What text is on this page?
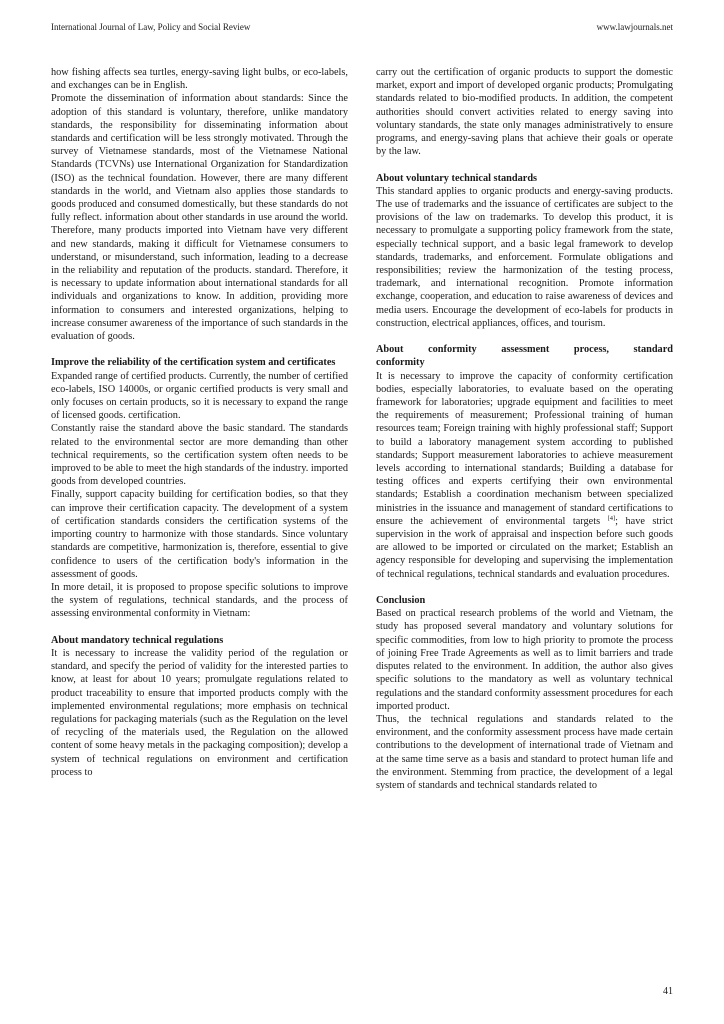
International Journal of Law, Policy and Social Review	www.lawjournals.net

how fishing affects sea turtles, energy-saving light bulbs, or eco-labels, and exchanges can be in English.

Promote the dissemination of information about standards: Since the adoption of this standard is voluntary, therefore, unlike mandatory standards, the responsibility for disseminating information about standards and certification will be less strongly motivated. Through the survey of Vietnamese standards, most of the Vietnamese National Standards (TCVNs) use International Organization for Standardization (ISO) as the technical foundation. However, there are many different standards in the world, and Vietnam also applies those standards to goods produced and consumed domestically, but these standards do not fully reflect. information about other standards in use around the world. Therefore, many products imported into Vietnam have very different and new standards, making it difficult for Vietnamese consumers to understand, or misunderstand, such information, leading to a decrease in the reliability and reputation of the products. standard. Therefore, it is necessary to update information about international standards for all individuals and organizations to know. In addition, providing more information to consumers and interested organizations, helping to increase consumer awareness of the importance of such standards in the evaluation of goods.

Improve the reliability of the certification system and certificates

Expanded range of certified products. Currently, the number of certified eco-labels, ISO 14000s, or organic certified products is very small and only focuses on certain products, so it is necessary to expand the range of licensed goods. certification.

Constantly raise the standard above the basic standard. The standards related to the environmental sector are more demanding than other technical requirements, so the certification system often needs to be improved to be able to meet the high standards of the industry. imported goods from developed countries.

Finally, support capacity building for certification bodies, so that they can improve their certification capacity. The development of a system of certification standards considers the certification systems of the importing country to harmonize with those standards. Since voluntary standards are competitive, harmonization is, therefore, essential to give confidence to users of the certification body's information in the assessment of goods.

In more detail, it is proposed to propose specific solutions to improve the system of regulations, technical standards, and the process of assessing environmental conformity in Vietnam:

About mandatory technical regulations

It is necessary to increase the validity period of the regulation or standard, and specify the period of validity for the interested parties to know, at least for about 10 years; promulgate regulations related to product traceability to ensure that imported products comply with the implemented environmental regulations; more emphasis on technical regulations for packaging materials (such as the Regulation on the level of recycling of the materials used, the Regulation on the allowed content of some heavy metals in the packaging composition); develop a system of technical regulations on environment and certification process to

carry out the certification of organic products to support the domestic market, export and import of developed organic products; Promulgating standards related to bio-modified products. In addition, the competent authorities should convert activities related to energy saving into voluntary standards, the state only manages administratively to ensure programs, and energy-saving plans that achieve their goals or operate by the law.

About voluntary technical standards

This standard applies to organic products and energy-saving products. The use of trademarks and the issuance of certificates are subject to the provisions of the law on trademarks. To develop this product, it is necessary to promulgate a supporting policy framework from the state, especially technical support, and a basic legal framework to develop standards, trademarks, and enforcement. Formulate obligations and responsibilities; review the harmonization of the testing process, trademark, and international recognition. Promote information exchange, cooperation, and education to raise awareness of devices and media users. Encourage the development of eco-labels for products in construction, electrical appliances, offices, and tourism.

About conformity assessment process, standard
conformity

It is necessary to improve the capacity of conformity certification bodies, especially laboratories, to evaluate based on the operating framework for laboratories; upgrade equipment and facilities to meet the requirements of measurement; Professional training of human resources team; Foreign training with highly professional staff; Support to build a laboratory management system according to published standards; Support measurement laboratories to achieve measurement levels according to international standards; Building a database for testing offices and experts certifying their own environmental standards; Establish a coordination mechanism between specialized ministries in the issuance and management of standard certifications to ensure the achievement of environmental targets [4]; have strict supervision in the work of appraisal and inspection before such goods are allowed to be imported or circulated on the market; Establish an agency responsible for developing and supervising the implementation of technical regulations, technical standards and evaluation procedures.

Conclusion

Based on practical research problems of the world and Vietnam, the study has proposed several mandatory and voluntary solutions for specific commodities, from low to high priority to promote the process of joining Free Trade Agreements as well as to limit barriers and trade disputes related to the environment. In addition, the author also gives specific solutions to the mandatory as well as voluntary technical regulations and the standard conformity assessment procedures for each imported product.

Thus, the technical regulations and standards related to the environment, and the conformity assessment process have made certain contributions to the development of international trade of Vietnam and at the same time serve as a basis and standard to protect human life and the environment. Stemming from practice, the development of a legal system of standards and technical standards related to

41
